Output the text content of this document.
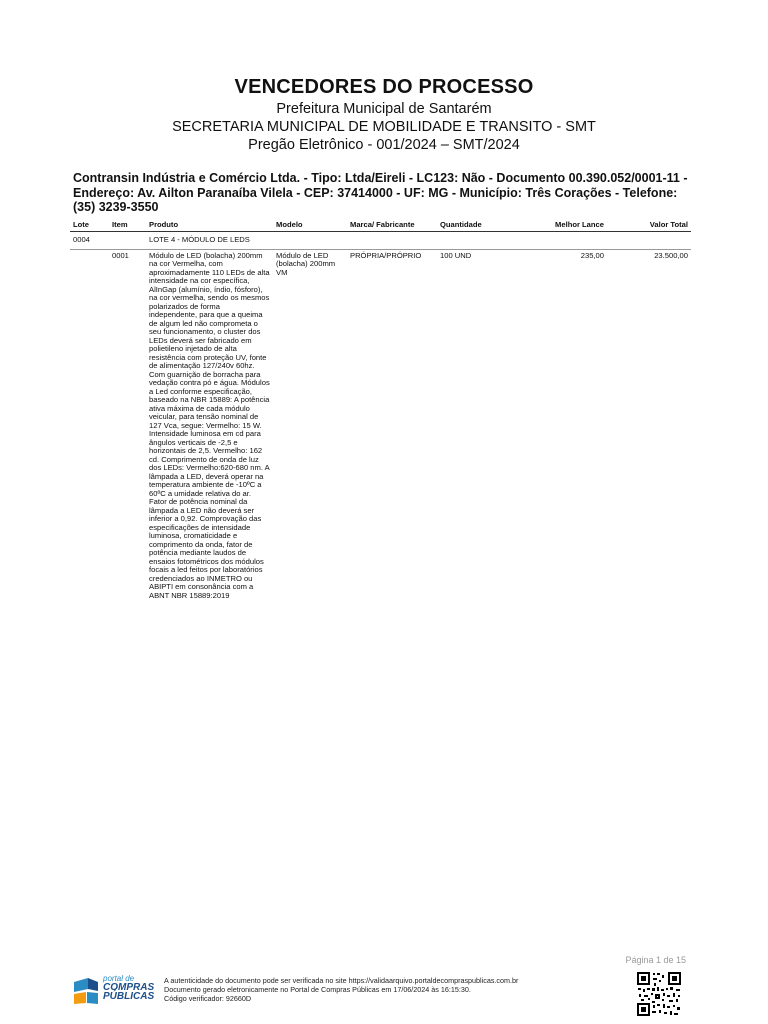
VENCEDORES DO PROCESSO
Prefeitura Municipal de Santarém
SECRETARIA MUNICIPAL DE MOBILIDADE E TRANSITO - SMT
Pregão Eletrônico - 001/2024 – SMT/2024
Contransin Indústria e Comércio Ltda. - Tipo: Ltda/Eireli - LC123: Não - Documento 00.390.052/0001-11 - Endereço: Av. Ailton Paranaíba Vilela - CEP: 37414000 - UF: MG - Município: Três Corações - Telefone: (35) 3239-3550
Lote	Item	Produto	Modelo	Marca/ Fabricante	Quantidade	Melhor Lance	Valor Total
0004		LOTE 4 - MÓDULO DE LEDS					
	0001	Módulo de LED (bolacha) 200mm na cor Vermelha, com aproximadamente 110 LEDs de alta intensidade na cor específica, AlInGap (alumínio, índio, fósforo), na cor vermelha, sendo os mesmos polarizados de forma independente, para que a queima de algum led não comprometa o seu funcionamento, o cluster dos LEDs deverá ser fabricado em polietileno injetado de alta resistência com proteção UV, fonte de alimentação 127/240v 60hz. Com guarnição de borracha para vedação contra pó e água. Módulos a Led conforme especificação, baseado na NBR 15889: A potência ativa máxima de cada módulo veicular, para tensão nominal de 127 Vca, segue: Vermelho: 15 W. Intensidade luminosa em cd para ângulos verticais de -2,5 e horizontais de 2,5. Vermelho: 162 cd. Comprimento de onda de luz dos LEDs: Vermelho:620-680 nm. A lâmpada a LED, deverá operar na temperatura ambiente de -10ºC a 60ºC a umidade relativa do ar. Fator de potência nominal da lâmpada a LED não deverá ser inferior a 0,92. Comprovação das especificações de intensidade luminosa, cromaticidade e comprimento da onda, fator de potência mediante laudos de ensaios fotométricos dos módulos focais a led feitos por laboratórios credenciados ao INMETRO ou ABIPTI em consonância com a ABNT NBR 15889:2019	Módulo de LED (bolacha) 200mm VM	PRÓPRIA/PRÓPRIO	100 UND	235,00	23.500,00
Página 1 de 15
portal de
COMPRAS
PÚBLICAS
A autenticidade do documento pode ser verificada no site https://validaarquivo.portaldecompraspublicas.com.br
Documento gerado eletronicamente no Portal de Compras Públicas em 17/06/2024 às 16:15:30.
Código verificador: 92660D
